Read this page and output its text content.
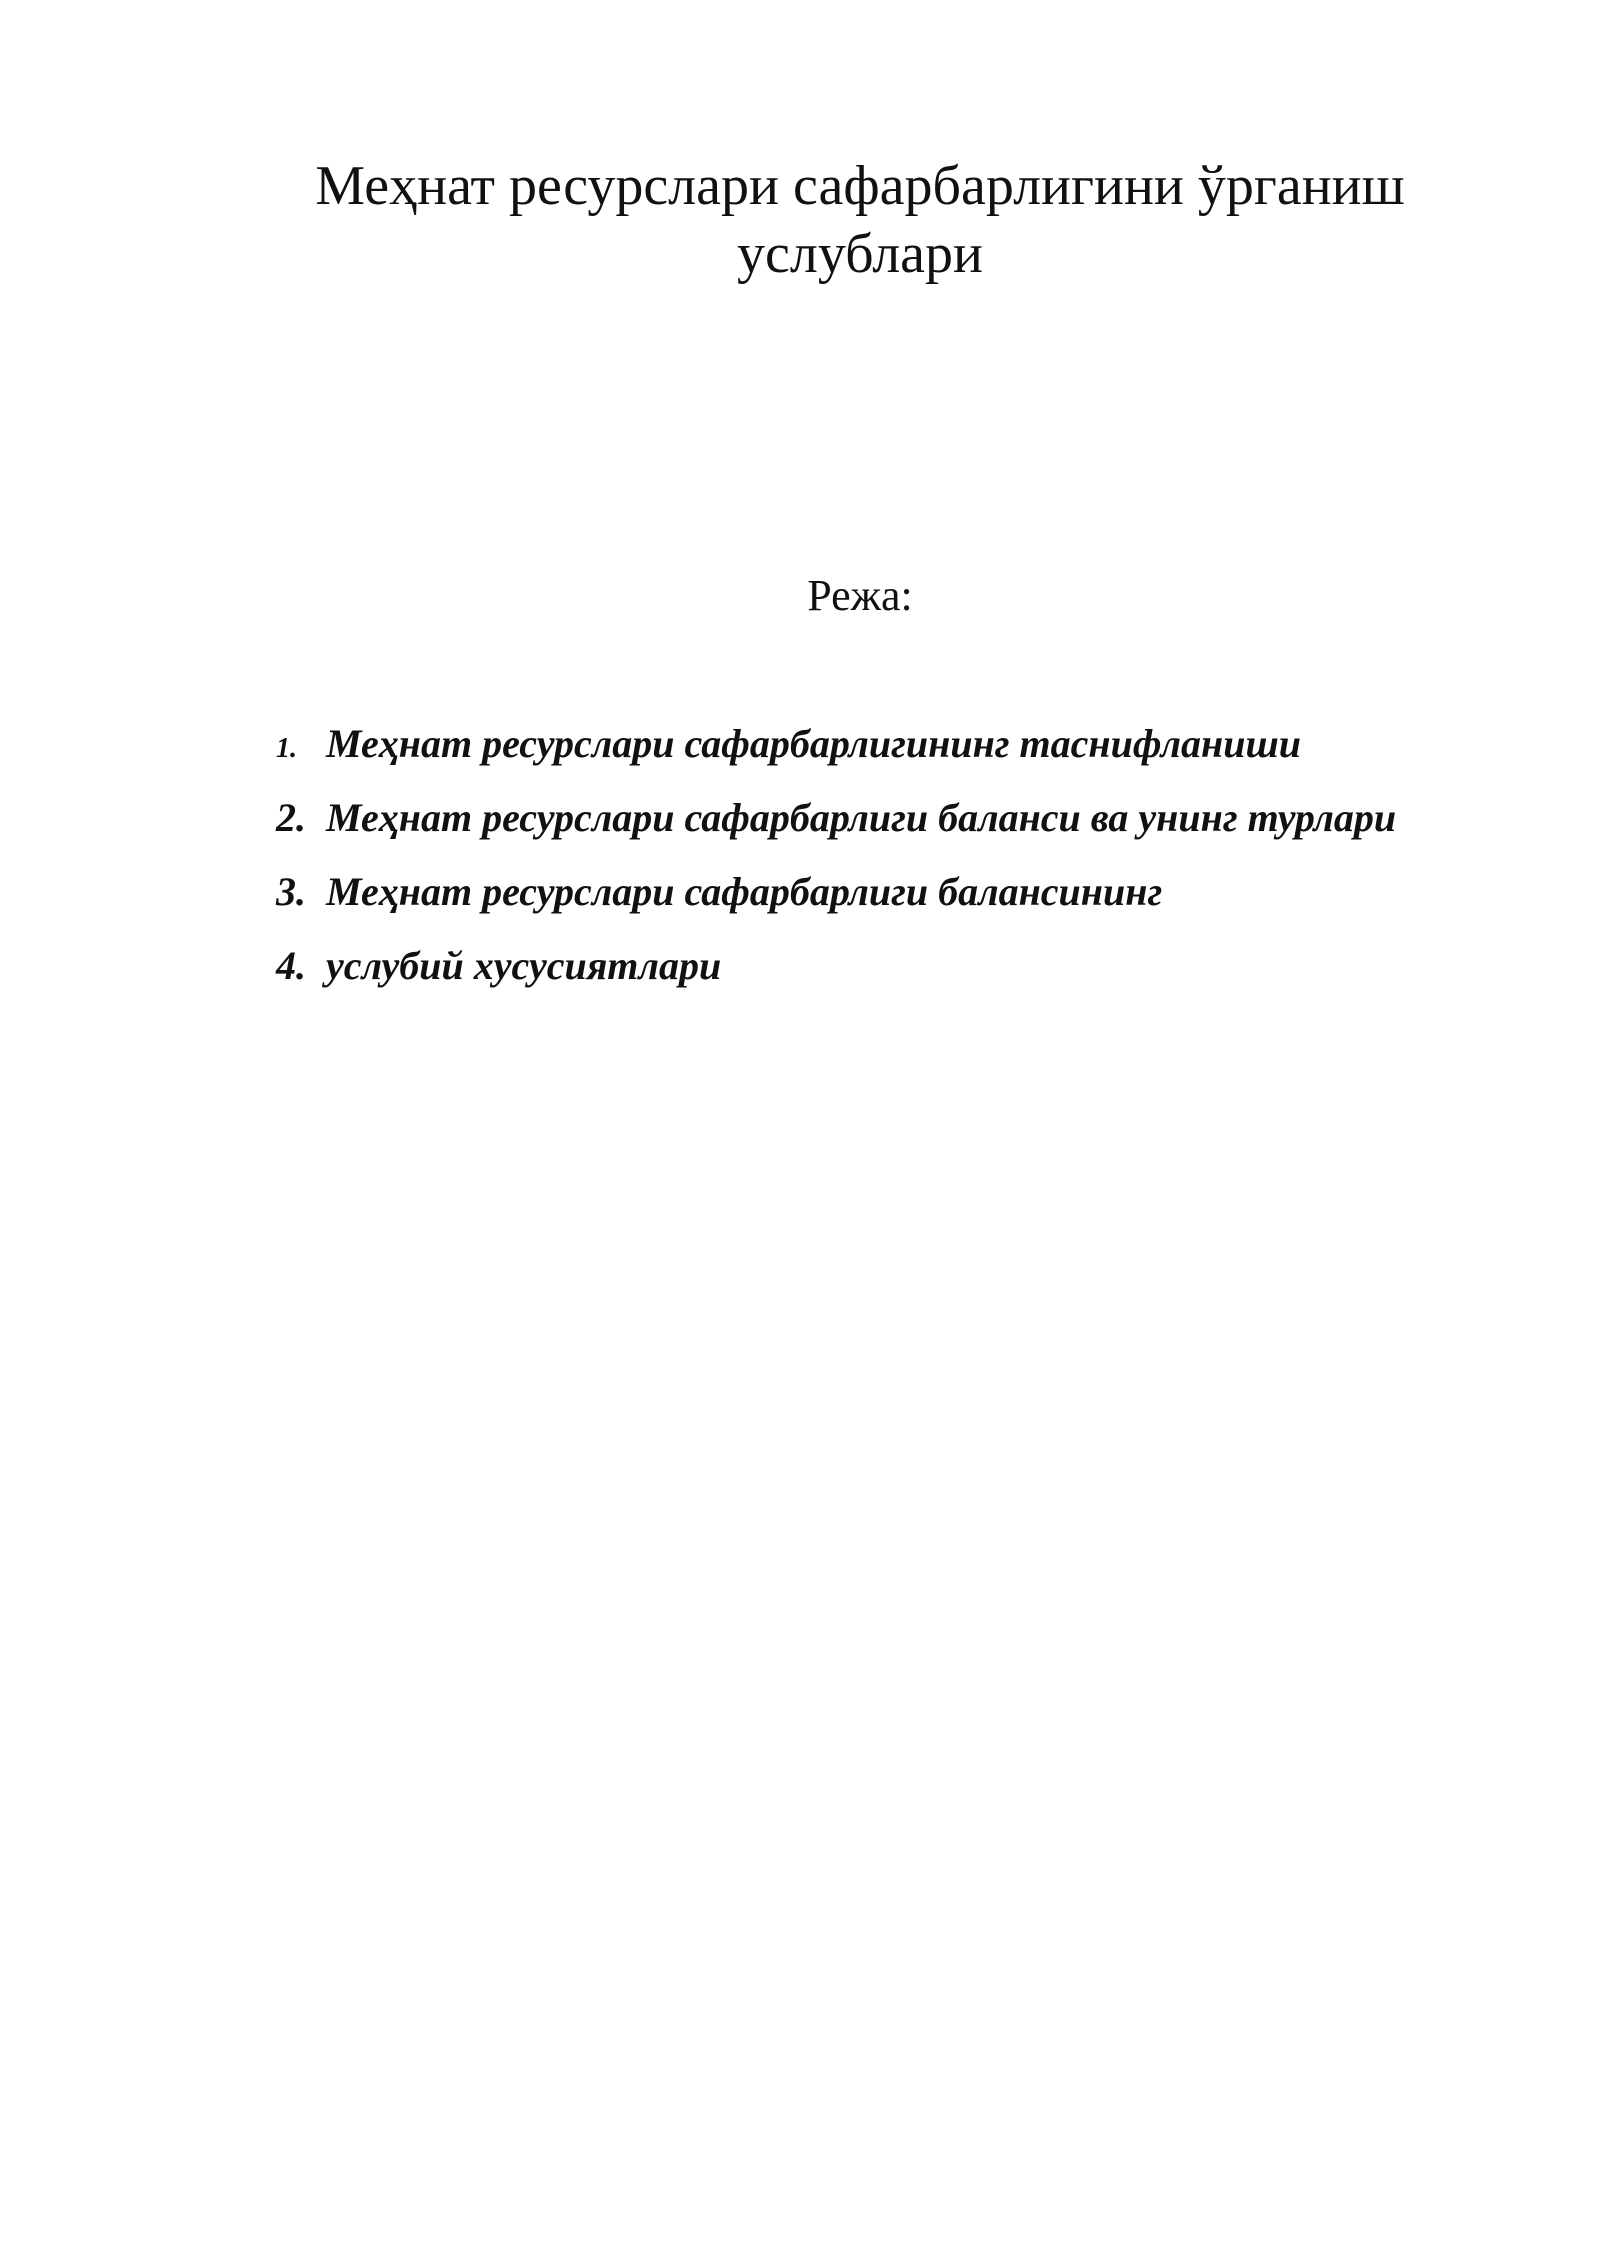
Меҳнат ресурслари сафарбарлигини ўрганиш
услублари
Режа:
1. Меҳнат ресурслари сафарбарлигининг таснифланиши
2. Меҳнат ресурслари сафарбарлиги баланси ва унинг турлари
3. Меҳнат ресурслари сафарбарлиги балансининг
4. услубий хусусиятлари
